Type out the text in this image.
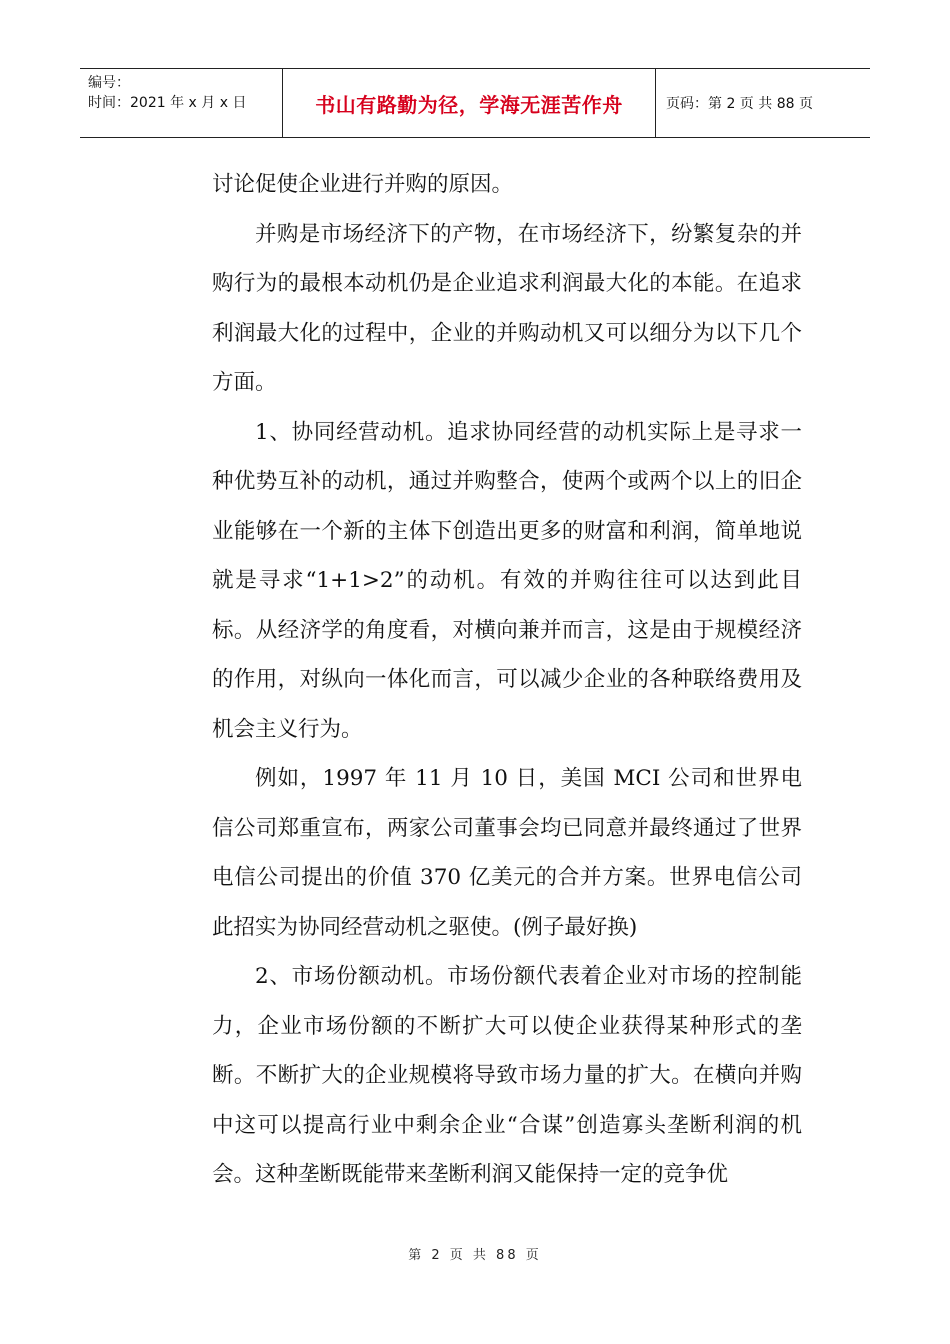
编号：
时间：2021 年 x 月 x 日	书山有路勤为径，学海无涯苦作舟	页码：第 2 页 共 88 页

讨论促使企业进行并购的原因。

并购是市场经济下的产物，在市场经济下，纷繁复杂的并购行为的最根本动机仍是企业追求利润最大化的本能。在追求利润最大化的过程中，企业的并购动机又可以细分为以下几个方面。

1、协同经营动机。追求协同经营的动机实际上是寻求一种优势互补的动机，通过并购整合，使两个或两个以上的旧企业能够在一个新的主体下创造出更多的财富和利润，简单地说就是寻求“1+1>2”的动机。有效的并购往往可以达到此目标。从经济学的角度看，对横向兼并而言，这是由于规模经济的作用，对纵向一体化而言，可以减少企业的各种联络费用及机会主义行为。

例如，1997 年 11 月 10 日，美国 MCI 公司和世界电信公司郑重宣布，两家公司董事会均已同意并最终通过了世界电信公司提出的价值 370 亿美元的合并方案。世界电信公司此招实为协同经营动机之驱使。(例子最好换)

2、市场份额动机。市场份额代表着企业对市场的控制能力，企业市场份额的不断扩大可以使企业获得某种形式的垄断。不断扩大的企业规模将导致市场力量的扩大。在横向并购中这可以提高行业中剩余企业“合谋”创造寡头垄断利润的机会。这种垄断既能带来垄断利润又能保持一定的竞争优

第 2 页 共 88 页
